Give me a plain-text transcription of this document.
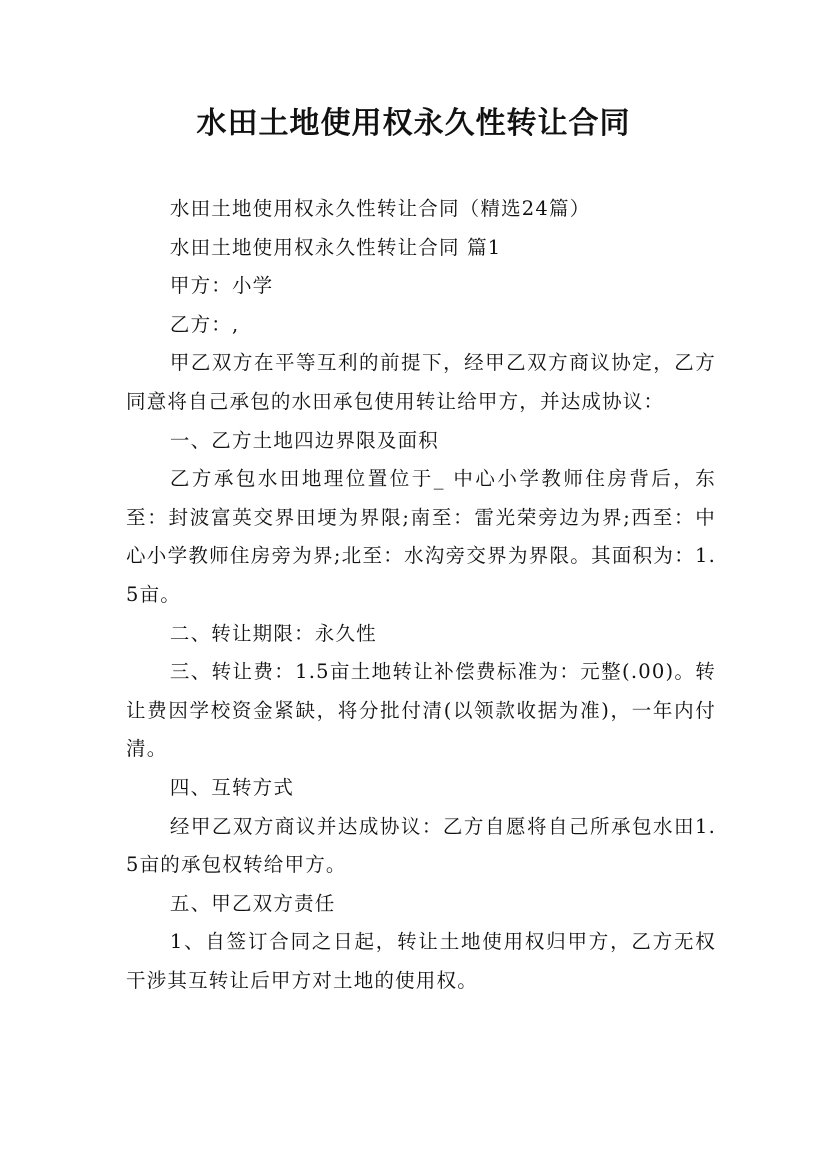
水田土地使用权永久性转让合同

水田土地使用权永久性转让合同（精选24篇）

水田土地使用权永久性转让合同 篇1

甲方：小学

乙方：,

甲乙双方在平等互利的前提下，经甲乙双方商议协定，乙方同意将自己承包的水田承包使用转让给甲方，并达成协议：

一、乙方土地四边界限及面积

乙方承包水田地理位置位于_ 中心小学教师住房背后，东至：封波富英交界田埂为界限;南至：雷光荣旁边为界;西至：中心小学教师住房旁为界;北至：水沟旁交界为界限。其面积为：1.5亩。

二、转让期限：永久性

三、转让费：1.5亩土地转让补偿费标准为：元整(.00)。转让费因学校资金紧缺，将分批付清(以领款收据为准)，一年内付清。

四、互转方式

经甲乙双方商议并达成协议：乙方自愿将自己所承包水田1.5亩的承包权转给甲方。

五、甲乙双方责任

1、自签订合同之日起，转让土地使用权归甲方，乙方无权干涉其互转让后甲方对土地的使用权。
